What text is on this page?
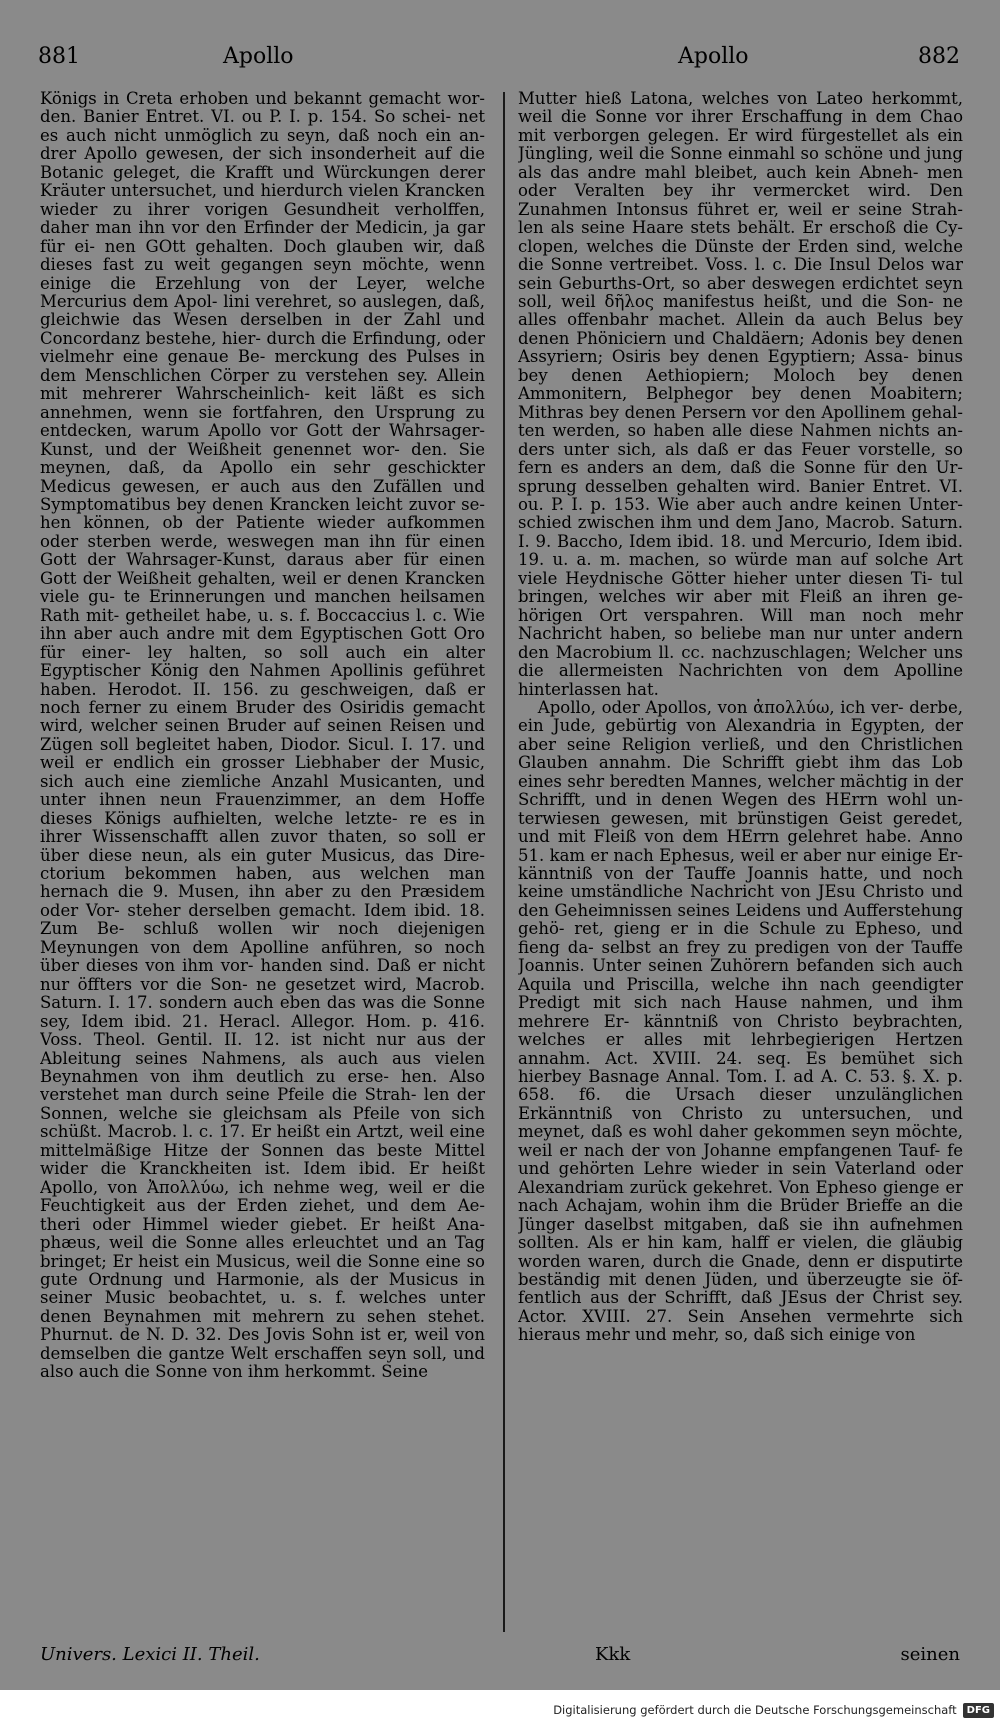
881	Apollo	Apollo	882

Königs in Creta erhoben und bekannt gemacht wor- den. Banier Entret. VI. ou P. I. p. 154. So schei- net es auch nicht unmöglich zu seyn, daß noch ein an- drer Apollo gewesen, der sich insonderheit auf die Botanic geleget, die Krafft und Würckungen derer Kräuter untersuchet, und hierdurch vielen Krancken wieder zu ihrer vorigen Gesundheit verholffen, daher man ihn vor den Erfinder der Medicin, ja gar für ei- nen GOtt gehalten. Doch glauben wir, daß dieses fast zu weit gegangen seyn möchte, wenn einige die Erzehlung von der Leyer, welche Mercurius dem Apol- lini verehret, so auslegen, daß, gleichwie das Wesen derselben in der Zahl und Concordanz bestehe, hier- durch die Erfindung, oder vielmehr eine genaue Be- merckung des Pulses in dem Menschlichen Cörper zu verstehen sey. Allein mit mehrerer Wahrscheinlich- keit läßt es sich annehmen, wenn sie fortfahren, den Ursprung zu entdecken, warum Apollo vor Gott der Wahrsager-Kunst, und der Weißheit genennet wor- den. Sie meynen, daß, da Apollo ein sehr geschickter Medicus gewesen, er auch aus den Zufällen und Symptomatibus bey denen Krancken leicht zuvor se- hen können, ob der Patiente wieder aufkommen oder sterben werde, weswegen man ihn für einen Gott der Wahrsager-Kunst, daraus aber für einen Gott der Weißheit gehalten, weil er denen Krancken viele gu- te Erinnerungen und manchen heilsamen Rath mit- getheilet habe, u. s. f. Boccaccius l. c. Wie ihn aber auch andre mit dem Egyptischen Gott Oro für einer- ley halten, so soll auch ein alter Egyptischer König den Nahmen Apollinis geführet haben. Herodot. II. 156. zu geschweigen, daß er noch ferner zu einem Bruder des Osiridis gemacht wird, welcher seinen Bruder auf seinen Reisen und Zügen soll begleitet haben, Diodor. Sicul. I. 17. und weil er endlich ein grosser Liebhaber der Music, sich auch eine ziemliche Anzahl Musicanten, und unter ihnen neun Frauenzimmer, an dem Hoffe dieses Königs aufhielten, welche letzte- re es in ihrer Wissenschafft allen zuvor thaten, so soll er über diese neun, als ein guter Musicus, das Dire- ctorium bekommen haben, aus welchen man hernach die 9. Musen, ihn aber zu den Præsidem oder Vor- steher derselben gemacht. Idem ibid. 18. Zum Be- schluß wollen wir noch diejenigen Meynungen von dem Apolline anführen, so noch über dieses von ihm vor- handen sind. Daß er nicht nur öffters vor die Son- ne gesetzet wird, Macrob. Saturn. I. 17. sondern auch eben das was die Sonne sey, Idem ibid. 21. Heracl. Allegor. Hom. p. 416. Voss. Theol. Gentil. II. 12. ist nicht nur aus der Ableitung seines Nahmens, als auch aus vielen Beynahmen von ihm deutlich zu erse- hen. Also verstehet man durch seine Pfeile die Strah- len der Sonnen, welche sie gleichsam als Pfeile von sich schüßt. Macrob. l. c. 17. Er heißt ein Artzt, weil eine mittelmäßige Hitze der Sonnen das beste Mittel wider die Kranckheiten ist. Idem ibid. Er heißt Apollo, von Ἀπολλύω, ich nehme weg, weil er die Feuchtigkeit aus der Erden ziehet, und dem Ae- theri oder Himmel wieder giebet. Er heißt Ana- phæus, weil die Sonne alles erleuchtet und an Tag bringet; Er heist ein Musicus, weil die Sonne eine so gute Ordnung und Harmonie, als der Musicus in seiner Music beobachtet, u. s. f. welches unter denen Beynahmen mit mehrern zu sehen stehet. Phurnut. de N. D. 32. Des Jovis Sohn ist er, weil von demselben die gantze Welt erschaffen seyn soll, und also auch die Sonne von ihm herkommt. Seine

Mutter hieß Latona, welches von Lateo herkommt, weil die Sonne vor ihrer Erschaffung in dem Chao mit verborgen gelegen. Er wird fürgestellet als ein Jüngling, weil die Sonne einmahl so schöne und jung als das andre mahl bleibet, auch kein Abneh- men oder Veralten bey ihr vermercket wird. Den Zunahmen Intonsus führet er, weil er seine Strah- len als seine Haare stets behält. Er erschoß die Cy- clopen, welches die Dünste der Erden sind, welche die Sonne vertreibet. Voss. l. c. Die Insul Delos war sein Geburths-Ort, so aber deswegen erdichtet seyn soll, weil δῆλος manifestus heißt, und die Son- ne alles offenbahr machet. Allein da auch Belus bey denen Phöniciern und Chaldäern; Adonis bey denen Assyriern; Osiris bey denen Egyptiern; Assa- binus bey denen Aethiopiern; Moloch bey denen Ammonitern, Belphegor bey denen Moabitern; Mithras bey denen Persern vor den Apollinem gehal- ten werden, so haben alle diese Nahmen nichts an- ders unter sich, als daß er das Feuer vorstelle, so fern es anders an dem, daß die Sonne für den Ur- sprung desselben gehalten wird. Banier Entret. VI. ou. P. I. p. 153. Wie aber auch andre keinen Unter- schied zwischen ihm und dem Jano, Macrob. Saturn. I. 9. Baccho, Idem ibid. 18. und Mercurio, Idem ibid. 19. u. a. m. machen, so würde man auf solche Art viele Heydnische Götter hieher unter diesen Ti- tul bringen, welches wir aber mit Fleiß an ihren ge- hörigen Ort verspahren. Will man noch mehr Nachricht haben, so beliebe man nur unter andern den Macrobium ll. cc. nachzuschlagen; Welcher uns die allermeisten Nachrichten von dem Apolline hinterlassen hat.

Apollo, oder Apollos, von ἀπολλύω, ich ver- derbe, ein Jude, gebürtig von Alexandria in Egypten, der aber seine Religion verließ, und den Christlichen Glauben annahm. Die Schrifft giebt ihm das Lob eines sehr beredten Mannes, welcher mächtig in der Schrifft, und in denen Wegen des HErrn wohl un- terwiesen gewesen, mit brünstigen Geist geredet, und mit Fleiß von dem HErrn gelehret habe. Anno 51. kam er nach Ephesus, weil er aber nur einige Er- känntniß von der Tauffe Joannis hatte, und noch keine umständliche Nachricht von JEsu Christo und den Geheimnissen seines Leidens und Aufferstehung gehö- ret, gieng er in die Schule zu Epheso, und fieng da- selbst an frey zu predigen von der Tauffe Joannis. Unter seinen Zuhörern befanden sich auch Aquila und Priscilla, welche ihn nach geendigter Predigt mit sich nach Hause nahmen, und ihm mehrere Er- känntniß von Christo beybrachten, welches er alles mit lehrbegierigen Hertzen annahm. Act. XVIII. 24. seq. Es bemühet sich hierbey Basnage Annal. Tom. I. ad A. C. 53. §. X. p. 658. f6. die Ursach dieser unzulänglichen Erkänntniß von Christo zu untersuchen, und meynet, daß es wohl daher gekommen seyn möchte, weil er nach der von Johanne empfangenen Tauf- fe und gehörten Lehre wieder in sein Vaterland oder Alexandriam zurück gekehret. Von Epheso gienge er nach Achajam, wohin ihm die Brüder Brieffe an die Jünger daselbst mitgaben, daß sie ihn aufnehmen sollten. Als er hin kam, halff er vielen, die gläubig worden waren, durch die Gnade, denn er disputirte beständig mit denen Jüden, und überzeugte sie öf- fentlich aus der Schrifft, daß JEsus der Christ sey. Actor. XVIII. 27. Sein Ansehen vermehrte sich hieraus mehr und mehr, so, daß sich einige von

Univers. Lexici II. Theil.	Kkk	seinen
Digitalisierung gefördert durch die Deutsche Forschungsgemeinschaft	DFG
